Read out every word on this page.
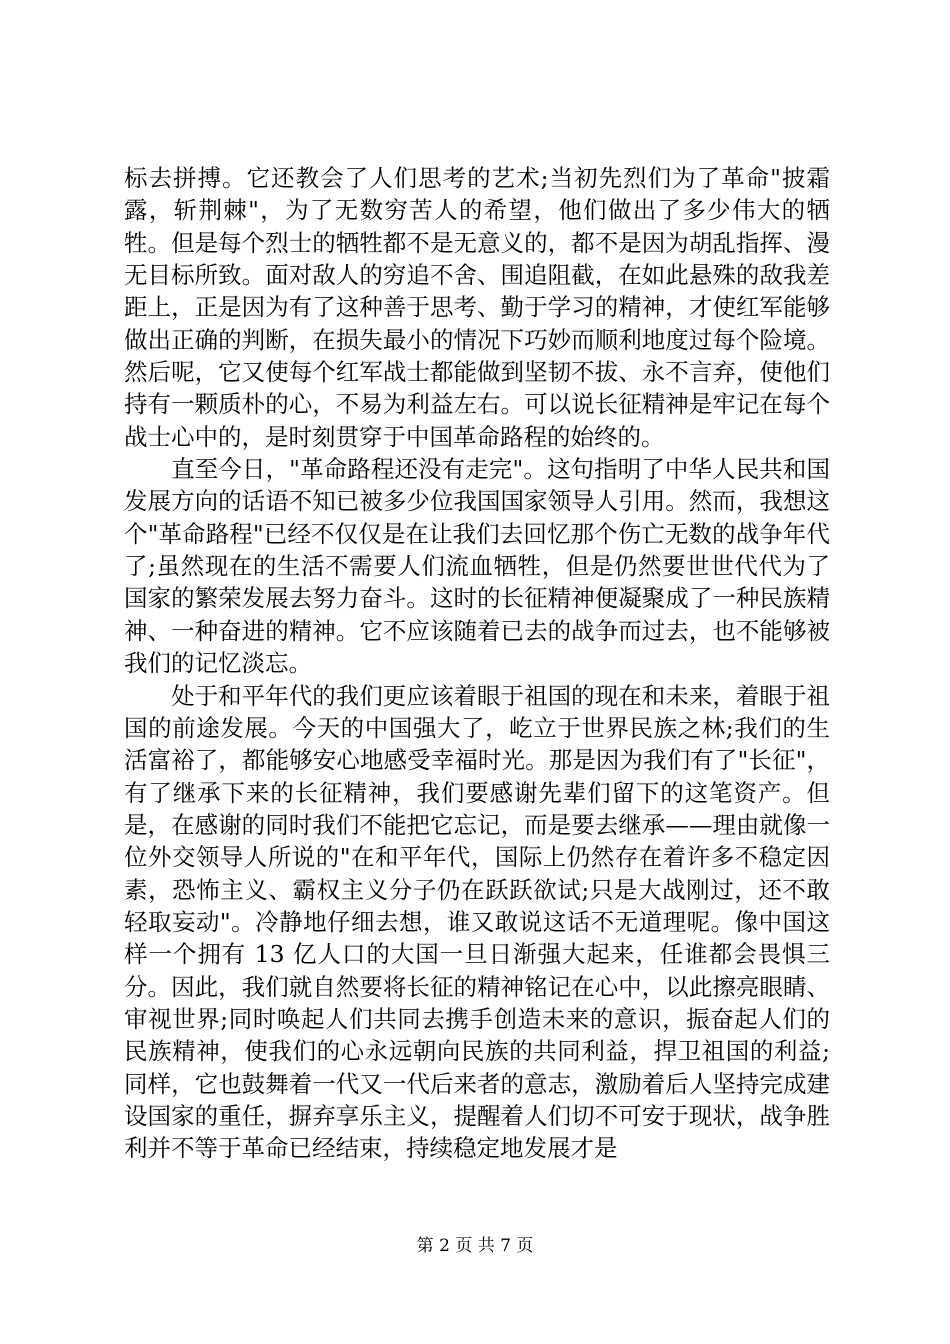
标去拼搏。它还教会了人们思考的艺术;当初先烈们为了革命"披霜露，斩荆棘"，为了无数穷苦人的希望，他们做出了多少伟大的牺牲。但是每个烈士的牺牲都不是无意义的，都不是因为胡乱指挥、漫无目标所致。面对敌人的穷追不舍、围追阻截，在如此悬殊的敌我差距上，正是因为有了这种善于思考、勤于学习的精神，才使红军能够做出正确的判断，在损失最小的情况下巧妙而顺利地度过每个险境。然后呢，它又使每个红军战士都能做到坚韧不拔、永不言弃，使他们持有一颗质朴的心，不易为利益左右。可以说长征精神是牢记在每个战士心中的，是时刻贯穿于中国革命路程的始终的。

　　直至今日，"革命路程还没有走完"。这句指明了中华人民共和国发展方向的话语不知已被多少位我国国家领导人引用。然而，我想这个"革命路程"已经不仅仅是在让我们去回忆那个伤亡无数的战争年代了;虽然现在的生活不需要人们流血牺牲，但是仍然要世世代代为了国家的繁荣发展去努力奋斗。这时的长征精神便凝聚成了一种民族精神、一种奋进的精神。它不应该随着已去的战争而过去，也不能够被我们的记忆淡忘。

　　处于和平年代的我们更应该着眼于祖国的现在和未来，着眼于祖国的前途发展。今天的中国强大了，屹立于世界民族之林;我们的生活富裕了，都能够安心地感受幸福时光。那是因为我们有了"长征"，有了继承下来的长征精神，我们要感谢先辈们留下的这笔资产。但是，在感谢的同时我们不能把它忘记，而是要去继承——理由就像一位外交领导人所说的"在和平年代，国际上仍然存在着许多不稳定因素，恐怖主义、霸权主义分子仍在跃跃欲试;只是大战刚过，还不敢轻取妄动"。冷静地仔细去想，谁又敢说这话不无道理呢。像中国这样一个拥有 13 亿人口的大国一旦日渐强大起来，任谁都会畏惧三分。因此，我们就自然要将长征的精神铭记在心中，以此擦亮眼睛、审视世界;同时唤起人们共同去携手创造未来的意识，振奋起人们的民族精神，使我们的心永远朝向民族的共同利益，捍卫祖国的利益;同样，它也鼓舞着一代又一代后来者的意志，激励着后人坚持完成建设国家的重任，摒弃享乐主义，提醒着人们切不可安于现状，战争胜利并不等于革命已经结束，持续稳定地发展才是

第 2 页 共 7 页
